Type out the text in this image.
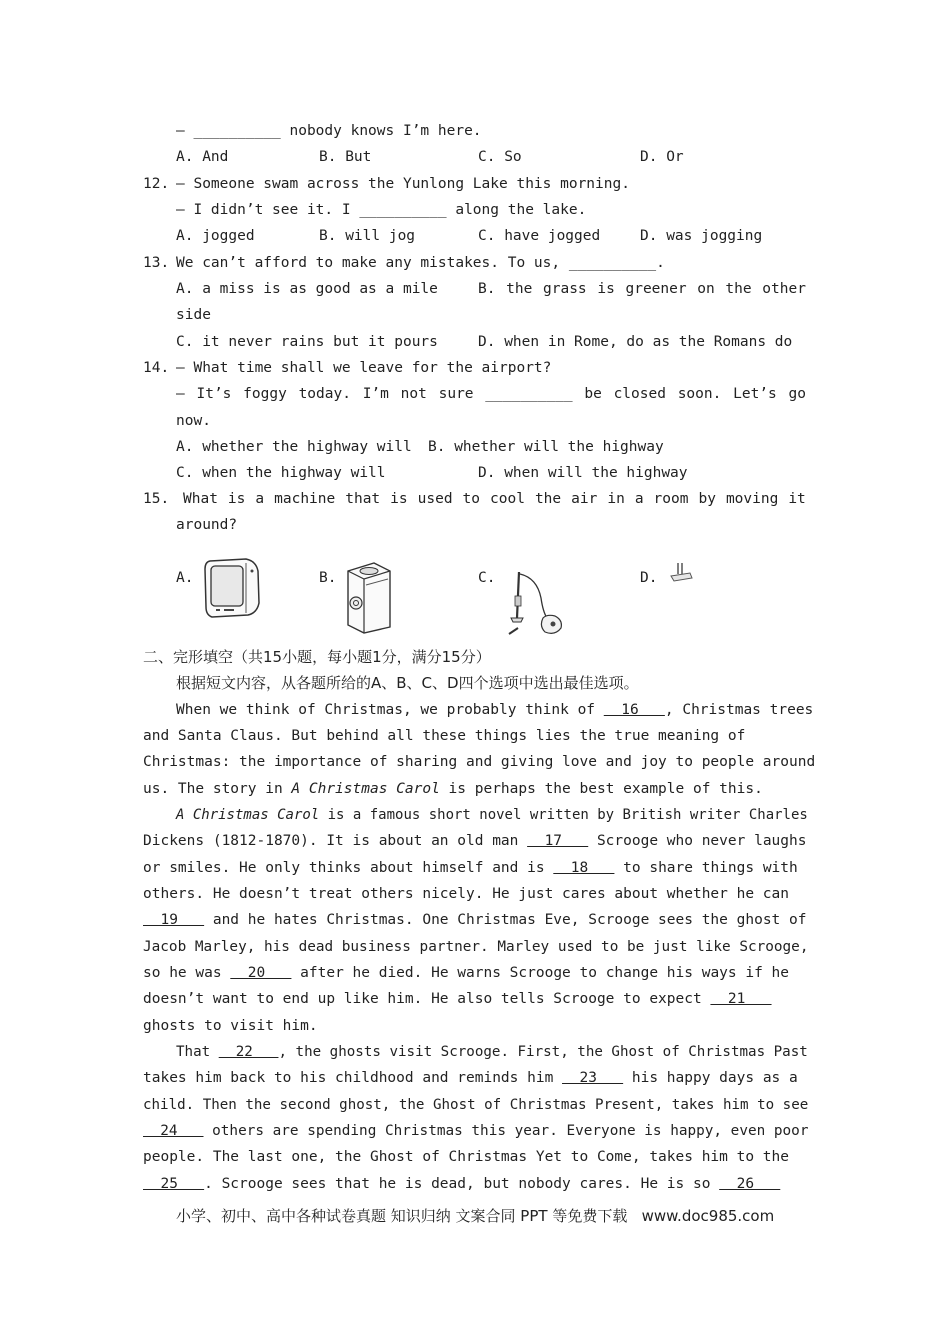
— __________ nobody knows I’m here.
A. And	B. But	C. So	D. Or
12. — Someone swam across the Yunlong Lake this morning.
— I didn’t see it. I __________ along the lake.
A. jogged	B. will jog	C. have jogged	D. was jogging
13. We can’t afford to make any mistakes. To us, __________.
A. a miss is as good as a mile	B. the grass is greener on the other
side
C. it never rains but it pours	D. when in Rome, do as the Romans do
14. — What time shall we leave for the airport?
— It’s foggy today. I’m not sure __________ be closed soon. Let’s go
now.
A. whether the highway will B. whether will the highway
C. when the highway will	D. when will the highway
15. What is a machine that is used to cool the air in a room by moving it
around?
A.	B.	C.	D.
二、完形填空（共15小题，每小题1分，满分15分）
根据短文内容，从各题所给的A、B、C、D四个选项中选出最佳选项。
When we think of Christmas, we probably think of   16 , Christmas trees
and Santa Claus. But behind all these things lies the true meaning of
Christmas: the importance of sharing and giving love and joy to people around
us. The story in A Christmas Carol is perhaps the best example of this.
A Christmas Carol is a famous short novel written by British writer Charles
Dickens (1812-1870). It is about an old man   17    Scrooge who never laughs
or smiles. He only thinks about himself and is   18    to share things with
others. He doesn’t treat others nicely. He just cares about whether he can
19    and he hates Christmas. One Christmas Eve, Scrooge sees the ghost of
Jacob Marley, his dead business partner. Marley used to be just like Scrooge,
so he was   20    after he died. He warns Scrooge to change his ways if he
doesn’t want to end up like him. He also tells Scrooge to expect   21
ghosts to visit him.
That   22   , the ghosts visit Scrooge. First, the Ghost of Christmas Past
takes him back to his childhood and reminds him   23    his happy days as a
child. Then the second ghost, the Ghost of Christmas Present, takes him to see
24    others are spending Christmas this year. Everyone is happy, even poor
people. The last one, the Ghost of Christmas Yet to Come, takes him to the
25   . Scrooge sees that he is dead, but nobody cares. He is so   26
小学、初中、高中各种试卷真题 知识归纳 文案合同 PPT 等免费下载   www.doc985.com
